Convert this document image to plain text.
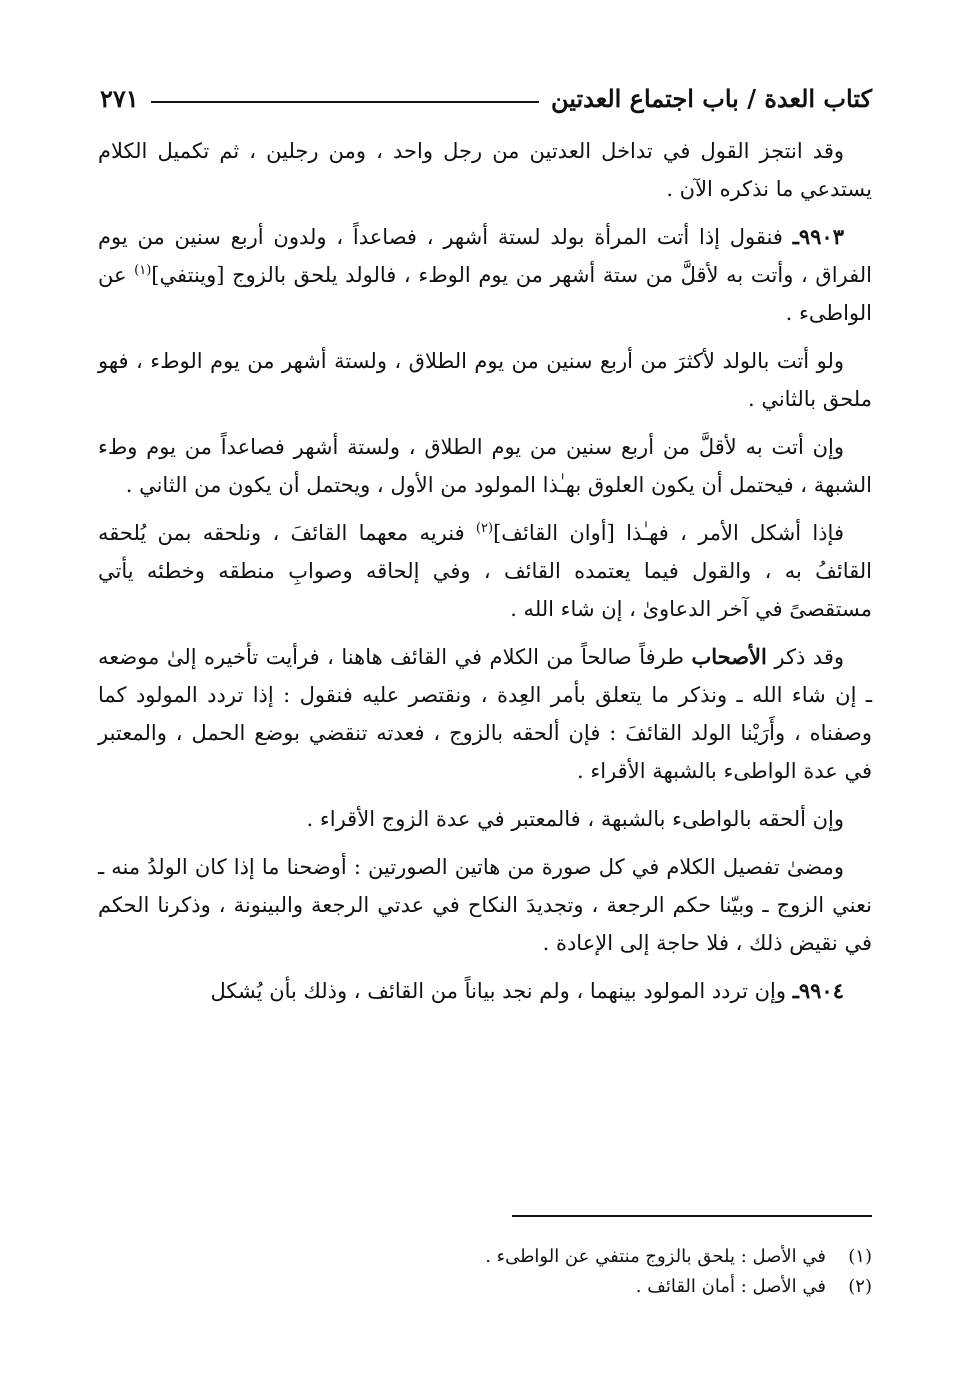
كتاب العدة / باب اجتماع العدتين
٢٧١

وقد انتجز القول في تداخل العدتين من رجل واحد ، ومن رجلين ، ثم تكميل الكلام يستدعي ما نذكره الآن .

٩٩٠٣ـ فنقول إذا أتت المرأة بولد لستة أشهر ، فصاعداً ، ولدون أربع سنين من يوم الفراق ، وأتت به لأقلَّ من ستة أشهر من يوم الوطء ، فالولد يلحق بالزوج [وينتفي]$^{(١)}$ عن الواطىء .

ولو أتت بالولد لأكثرَ من أربع سنين من يوم الطلاق ، ولستة أشهر من يوم الوطء ، فهو ملحق بالثاني .

وإن أتت به لأقلَّ من أربع سنين من يوم الطلاق ، ولستة أشهر فصاعداً من يوم وطء الشبهة ، فيحتمل أن يكون العلوق بهـٰذا المولود من الأول ، ويحتمل أن يكون من الثاني .

فإذا أشكل الأمر ، فهـٰذا [أوان القائف]$^{(٢)}$ فنريه معهما القائفَ ، ونلحقه بمن يُلحقه القائفُ به ، والقول فيما يعتمده القائف ، وفي إلحاقه وصوابِ منطقه وخطئه يأتي مستقصىً في آخر الدعاوىٰ ، إن شاء الله .

وقد ذكر الأصحاب طرفاً صالحاً من الكلام في القائف هاهنا ، فرأيت تأخيره إلىٰ موضعه ـ إن شاء الله ـ ونذكر ما يتعلق بأمر العِدة ، ونقتصر عليه فنقول : إذا تردد المولود كما وصفناه ، وأَرَيْنا الولد القائفَ : فإن ألحقه بالزوج ، فعدته تنقضي بوضع الحمل ، والمعتبر في عدة الواطىء بالشبهة الأقراء .

وإن ألحقه بالواطىء بالشبهة ، فالمعتبر في عدة الزوج الأقراء .

ومضىٰ تفصيل الكلام في كل صورة من هاتين الصورتين : أوضحنا ما إذا كان الولدُ منه ـ نعني الزوج ـ وبيّنا حكم الرجعة ، وتجديدَ النكاح في عدتي الرجعة والبينونة ، وذكرنا الحكم في نقيض ذلك ، فلا حاجة إلى الإعادة .

٩٩٠٤ـ وإن تردد المولود بينهما ، ولم نجد بياناً من القائف ، وذلك بأن يُشكل

(١)
في الأصل : يلحق بالزوج منتفي عن الواطىء .
(٢)
في الأصل : أمان القائف .
